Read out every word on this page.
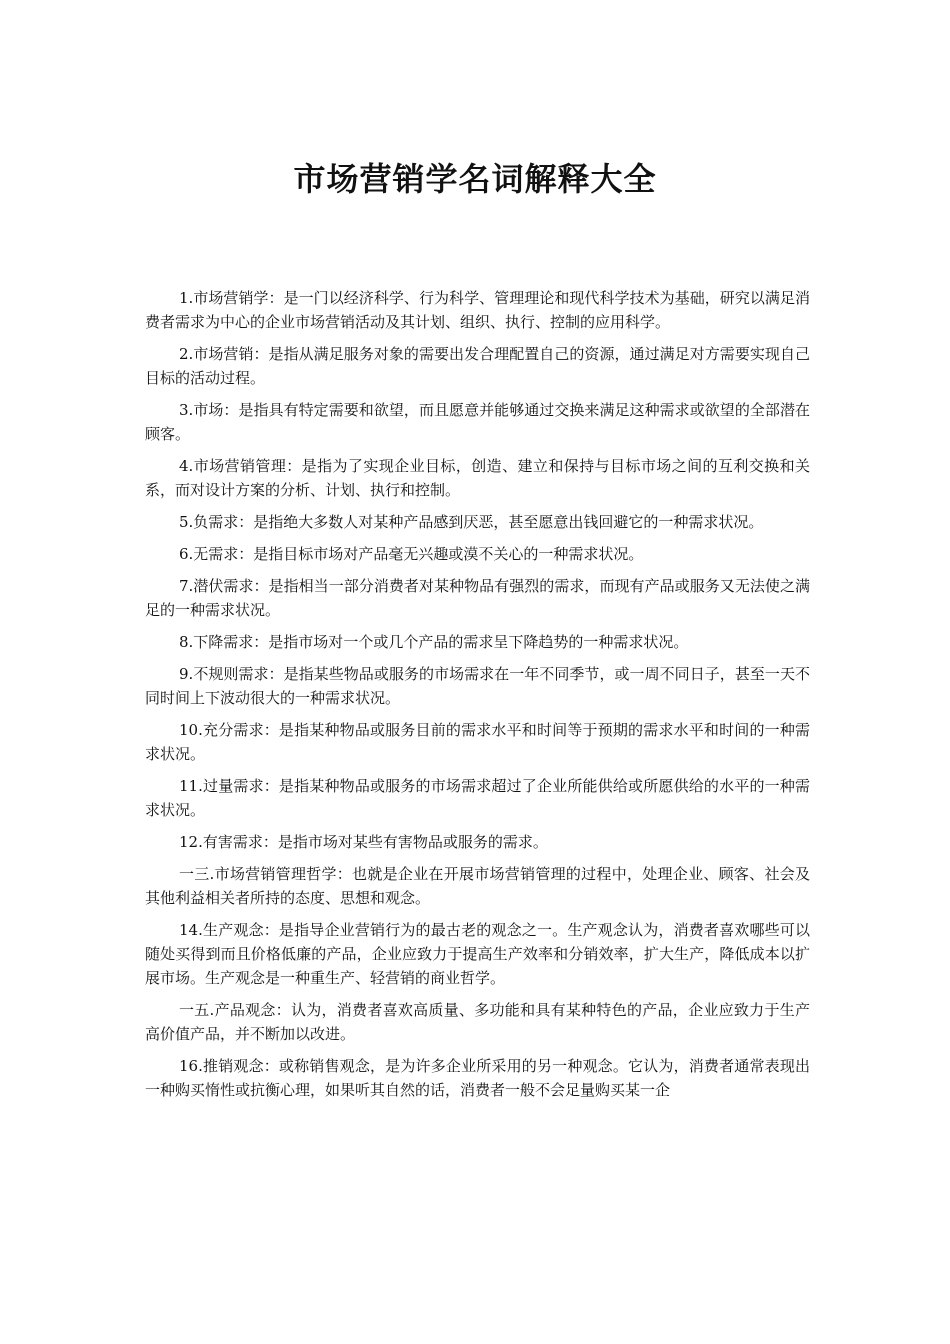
市场营销学名词解释大全

1.市场营销学：是一门以经济科学、行为科学、管理理论和现代科学技术为基础，研究以满足消费者需求为中心的企业市场营销活动及其计划、组织、执行、控制的应用科学。

2.市场营销：是指从满足服务对象的需要出发合理配置自己的资源，通过满足对方需要实现自己目标的活动过程。

3.市场：是指具有特定需要和欲望，而且愿意并能够通过交换来满足这种需求或欲望的全部潜在顾客。

4.市场营销管理：是指为了实现企业目标，创造、建立和保持与目标市场之间的互利交换和关系，而对设计方案的分析、计划、执行和控制。

5.负需求：是指绝大多数人对某种产品感到厌恶，甚至愿意出钱回避它的一种需求状况。

6.无需求：是指目标市场对产品毫无兴趣或漠不关心的一种需求状况。

7.潜伏需求：是指相当一部分消费者对某种物品有强烈的需求，而现有产品或服务又无法使之满足的一种需求状况。

8.下降需求：是指市场对一个或几个产品的需求呈下降趋势的一种需求状况。

9.不规则需求：是指某些物品或服务的市场需求在一年不同季节，或一周不同日子，甚至一天不同时间上下波动很大的一种需求状况。

10.充分需求：是指某种物品或服务目前的需求水平和时间等于预期的需求水平和时间的一种需求状况。

11.过量需求：是指某种物品或服务的市场需求超过了企业所能供给或所愿供给的水平的一种需求状况。

12.有害需求：是指市场对某些有害物品或服务的需求。

一三.市场营销管理哲学：也就是企业在开展市场营销管理的过程中，处理企业、顾客、社会及其他利益相关者所持的态度、思想和观念。

14.生产观念：是指导企业营销行为的最古老的观念之一。生产观念认为，消费者喜欢哪些可以随处买得到而且价格低廉的产品，企业应致力于提高生产效率和分销效率，扩大生产，降低成本以扩展市场。生产观念是一种重生产、轻营销的商业哲学。

一五.产品观念：认为，消费者喜欢高质量、多功能和具有某种特色的产品，企业应致力于生产高价值产品，并不断加以改进。

16.推销观念：或称销售观念，是为许多企业所采用的另一种观念。它认为，消费者通常表现出一种购买惰性或抗衡心理，如果听其自然的话，消费者一般不会足量购买某一企
